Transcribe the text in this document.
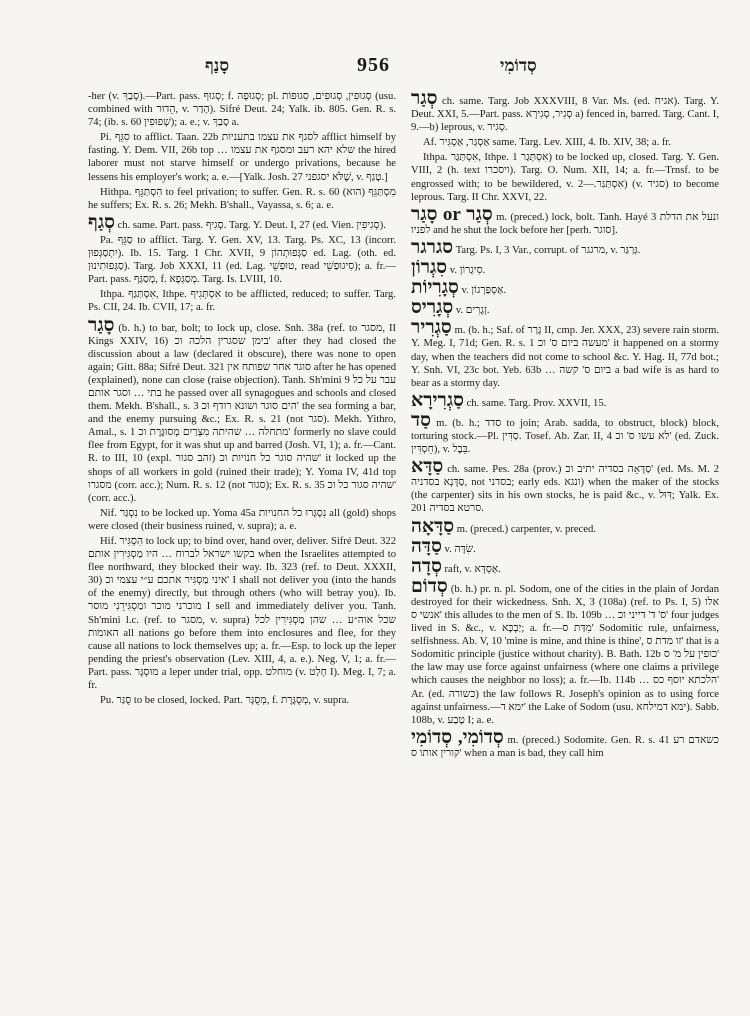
סָנַף	956	סְדוֹמִי

-her (v. סָבַךְ).—Part. pass. סְגוּף; f. סְגוּפָה; pl. סְגוּפִין, סְגוּפִים, סִגוּפוֹת (usu. combined with הֵדוּר, v. הָדַר). Sifré Deut. 24; Yalk. ib. 805. Gen. R. s. 74; (ib. s. 60 שְׁפוּפִין); a. e.; v. סָבַךְ a.

Pi. סִגֵּף to afflict. Taan. 22b לסגף את עצמו בתעניות afflict himself by fasting. Y. Dem. VII, 26b top … שלא יהא רעב ומסגף את עצמו the hired laborer must not starve himself or undergo privations, because he lessens his employer's work; a. e.—[Yalk. Josh. 27 שֶׁלֹּא יסגפני, v. טָגַף.]

Hithpa. הִסְתַּגֵּף to feel privation; to suffer. Gen. R. s. 60 מִסְתַּגֵּף (הוא) he suffers; Ex. R. s. 26; Mekh. B'shall., Vayassa, s. 6; a. e.

סְגַף ch. same. Part. pass. סְגִיף. Targ. Y. Deut. I, 27 (ed. Vien. סְגִיפִין).

Pa. סַגֵּף to afflict. Targ. Y. Gen. XV, 13. Targ. Ps. XC, 13 (incorr. יִתְסַגְּפוּן). Ib. 15. Targ. I Chr. XVII, 9 סַגְּפוּתְהוֹן ed. Lag. (oth. ed. סַגְּפוּתִינוּן). Targ. Job XXXI, 11 (ed. Lag. טוּפַשֵׁי, read סִיגוּפַשֵׁי); a. fr.—Part. pass. מְסַגַּף, f. מְסַגְּפָא. Targ. Is. LVIII, 10.

Ithpa. אִסְתַּגַּף, Ithpe. אִסְתְּגִיף to be afflicted, reduced; to suffer. Targ. Ps. CII, 24. Ib. CVII, 17; a. fr.

סָגַר (b. h.) to bar, bolt; to lock up, close. Snh. 38a (ref. to מסגר, II Kings XXIV, 16) בימן שסגרין הלכה וכ' after they had closed the discussion about a law (declared it obscure), there was none to open again; Gitt. 88a; Sifré Deut. 321 סוגר אחר שפותח אין after he has opened (explained), none can close (raise objection). Tanh. Sh'mini 9 עבר על כל בתי … וסגר אותם he passed over all synagogues and schools and closed them. Mekh. B'shall., s. 3 הים סוגר ושונא רודף וכ' the sea forming a bar, and the enemy pursuing &c.; Ex. R. s. 21 (not סגר). Mekh. Yithro, Amal., s. 1 מתחלה … שהיתה מִצְרַיִם מְסוּגֶּרֶת וכ' formerly no slave could flee from Egypt, for it was shut up and barred (Josh. VI, 1); a. fr.—Cant. R. to III, 10 (expl. זהב סגור) שהיה סוגר כל חנויות וכ' it locked up the shops of all workers in gold (ruined their trade); Y. Yoma IV, 41d top מסגרו (corr. acc.); Num. R. s. 12 (not סגור); Ex. R. s. 35 שהיה סגור כל וכ' (corr. acc.).

Nif. נִסְגַּר to be locked up. Yoma 45a נִסְגְּרוּ כל החנויות all (gold) shops were closed (their business ruined, v. supra); a. e.

Hif. הִסְגִּיר to lock up; to bind over, hand over, deliver. Sifré Deut. 322 בקשו ישראל לברוח … היו מַסְגִּירִין אותם when the Israelites attempted to flee northward, they blocked their way. Ib. 323 (ref. to Deut. XXXII, 30) איני מַסְגִּיר אתכם ע״י עצמי וכ' I shall not deliver you (into the hands of the enemy) directly, but through others (who will betray you). Ib. מוכרני מוכר ומַסְגִּירֵנִי מוסר I sell and immediately deliver you. Tanh. Sh'mini l.c. (ref. to מסגר, v. supra) שכל אוה״ע … שהן מַסְגִּירִין לכל האומות all nations go before them into enclosures and flee, for they cause all nations to lock themselves up; a. fr.—Esp. to lock up the leper pending the priest's observation (Lev. XIII, 4, a. e.). Neg. V, 1; a. fr.—Part. pass. מוּסְגָּר a leper under trial, opp. מוחלט (v. חָלַט I). Meg. I, 7; a. fr.

Pu. סֻגַּר to be closed, locked. Part. מְסֻגָּר, f. מְסֻגֶּרֶת, v. supra.

סְגַר ch. same. Targ. Job XXXVIII, 8 Var. Ms. (ed. אגיח). Targ. Y. Deut. XXI, 5.—Part. pass. סְגִיר, סְגִירָא a) fenced in, barred. Targ. Cant. I, 9.—b) leprous, v. סְגִיר.

Af. אַסְגַּר, אַסְגִּיר same. Targ. Lev. XIII, 4. Ib. XIV, 38; a. fr.

Ithpa. אִסְתַּגַּר, Ithpe. אִסְתְּגַר 1) to be locked up, closed. Targ. Y. Gen. VIII, 2 (h. text ויסכרו). Targ. O. Num. XII, 14; a. fr.—Trnsf. to be engrossed with; to be bewildered, v. אִסְתַּגַּר.—2) (v. סגיר) to become leprous. Targ. II Chr. XXVI, 22.

סְגַר or סָגַר m. (preced.) lock, bolt. Tanh. Hayé 3 ונעל את הדלת לפניו and he shut the lock before her [perh. סוגר].

סגרגר Targ. Ps. I, 3 Var., corrupt. of מרגגר, v. גְּרַגַּר.

סִגְרוֹן v. סִיגְרוֹן.

סְגָרִיוֹת v. אַסְפַּרְגוֹן.

סְגָרִיס v. זְגָרִים.

סַגְרִיר m. (b. h.; Saf. of גָּרַר II, cmp. Jer. XXX, 23) severe rain storm. Y. Meg. I, 71d; Gen. R. s. 1 מעשה ביום ס' וכ' it happened on a stormy day, when the teachers did not come to school &c. Y. Hag. II, 77d bot.; Y. Snh. VI, 23c bot. Yeb. 63b … ביום ס' קשה a bad wife is as hard to bear as a stormy day.

סַגְרִירָא ch. same. Targ. Prov. XXVII, 15.

סַד m. (b. h.; סדד to join; Arab. sadda, to obstruct, block) block, torturing stock.—Pl. סַדִּין. Tosef. Ab. Zar. II, 4 לא עשו ס' וכ' (ed. Zuck. חֵסְדִּין), v. בֵּבֶל.

סַדָּא ch. same. Pes. 28a (prov.) סַדָּאָה בסדיה יתיב וכ' (ed. Ms. M. 2 סַדָּנָא בסדניה, not בסדני; early eds. ונגא) when the maker of the stocks (the carpenter) sits in his own stocks, he is paid &c., v. דִּוּל; Yalk. Ex. 201 סרטא בסדיה.

סַדָּאָה m. (preced.) carpenter, v. preced.

סַדָּה v. שִׂדָּה.

סְדָה raft, v. אַסְדָּא.

סְדוֹם (b. h.) pr. n. pl. Sodom, one of the cities in the plain of Jordan destroyed for their wickedness. Snh. X, 3 (108a) (ref. to Ps. I, 5) אלו אנשי ס' this alludes to the men of S. Ib. 109b … ס' ד' דייני וכ' four judges lived in S. &c., v. יַבְכָּא; a. fr.—מִדַּת ס' Sodomitic rule, unfairness, selfishness. Ab. V, 10 'mine is mine, and thine is thine', זו מדת ס' that is a Sodomitic principle (justice without charity). B. Bath. 12b כופין על מ' ס' the law may use force against unfairness (where one claims a privilege which causes the neighbor no loss); a. fr.—Ib. 114b … הלכתא יוסף כס' Ar. (ed. כשורה) the law follows R. Joseph's opinion as to using force against unfairness.—ימא ד' the Lake of Sodom (usu. ימא דמילחא). Sabb. 108b, v. טָבַע I; a. e.

סְדוֹמִי, סְדוֹמִי m. (preced.) Sodomite. Gen. R. s. 41 כשאדם רע קורין אותו ס' when a man is bad, they call him
